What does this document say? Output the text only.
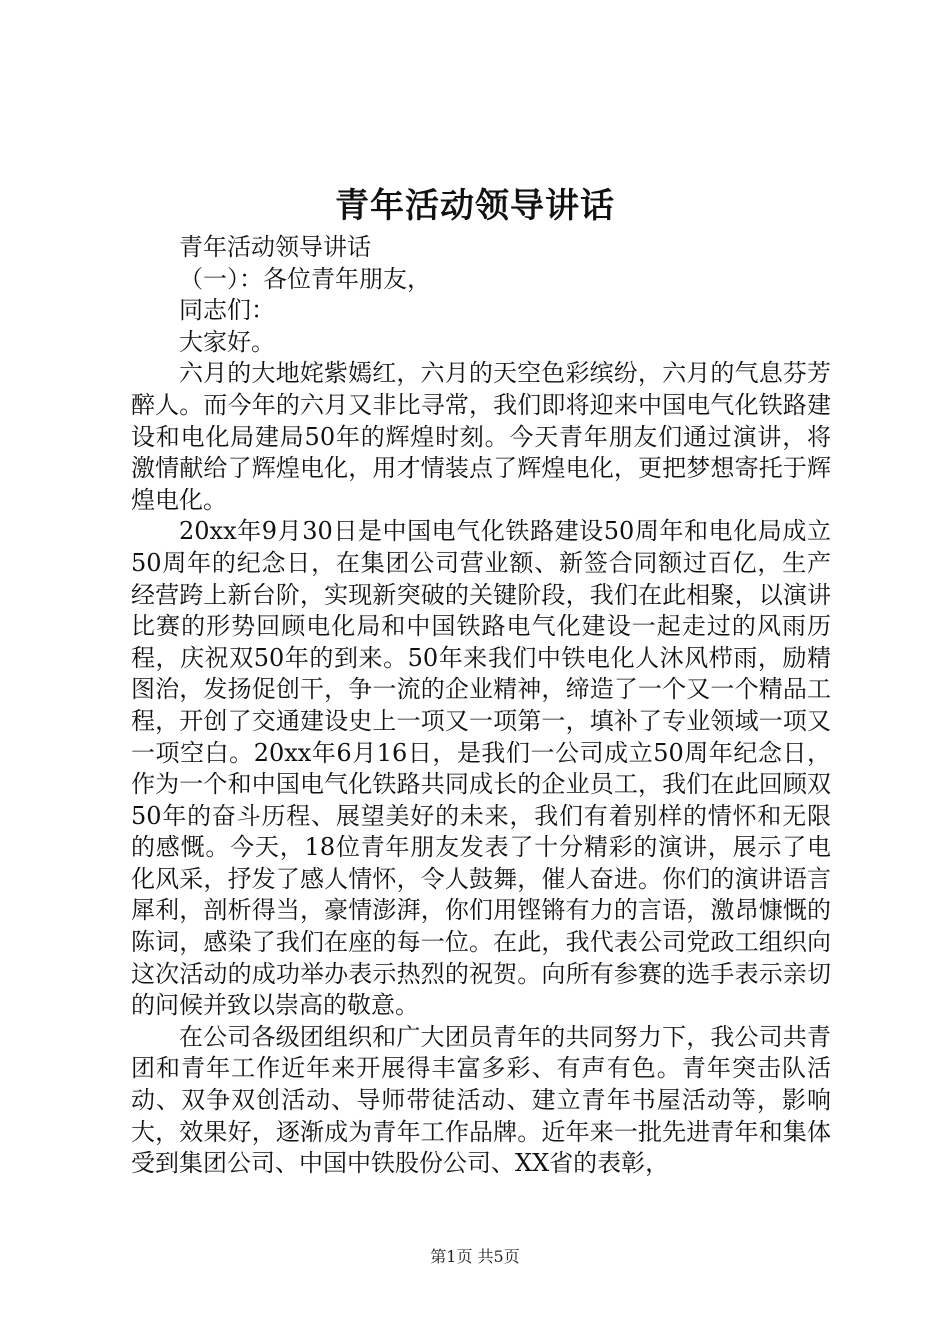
青年活动领导讲话

青年活动领导讲话

（一）：各位青年朋友，

同志们：

大家好。

六月的大地姹紫嫣红，六月的天空色彩缤纷，六月的气息芬芳醉人。而今年的六月又非比寻常，我们即将迎来中国电气化铁路建设和电化局建局50年的辉煌时刻。今天青年朋友们通过演讲，将激情献给了辉煌电化，用才情装点了辉煌电化，更把梦想寄托于辉煌电化。

20xx年9月30日是中国电气化铁路建设50周年和电化局成立50周年的纪念日，在集团公司营业额、新签合同额过百亿，生产经营跨上新台阶，实现新突破的关键阶段，我们在此相聚，以演讲比赛的形势回顾电化局和中国铁路电气化建设一起走过的风雨历程，庆祝双50年的到来。50年来我们中铁电化人沐风栉雨，励精图治，发扬促创干，争一流的企业精神，缔造了一个又一个精品工程，开创了交通建设史上一项又一项第一，填补了专业领域一项又一项空白。20xx年6月16日，是我们一公司成立50周年纪念日，作为一个和中国电气化铁路共同成长的企业员工，我们在此回顾双50年的奋斗历程、展望美好的未来，我们有着别样的情怀和无限的感慨。今天，18位青年朋友发表了十分精彩的演讲，展示了电化风采，抒发了感人情怀，令人鼓舞，催人奋进。你们的演讲语言犀利，剖析得当，豪情澎湃，你们用铿锵有力的言语，激昂慷慨的陈词，感染了我们在座的每一位。在此，我代表公司党政工组织向这次活动的成功举办表示热烈的祝贺。向所有参赛的选手表示亲切的问候并致以崇高的敬意。

在公司各级团组织和广大团员青年的共同努力下，我公司共青团和青年工作近年来开展得丰富多彩、有声有色。青年突击队活动、双争双创活动、导师带徒活动、建立青年书屋活动等，影响大，效果好，逐渐成为青年工作品牌。近年来一批先进青年和集体受到集团公司、中国中铁股份公司、XX省的表彰，

第1页 共5页
